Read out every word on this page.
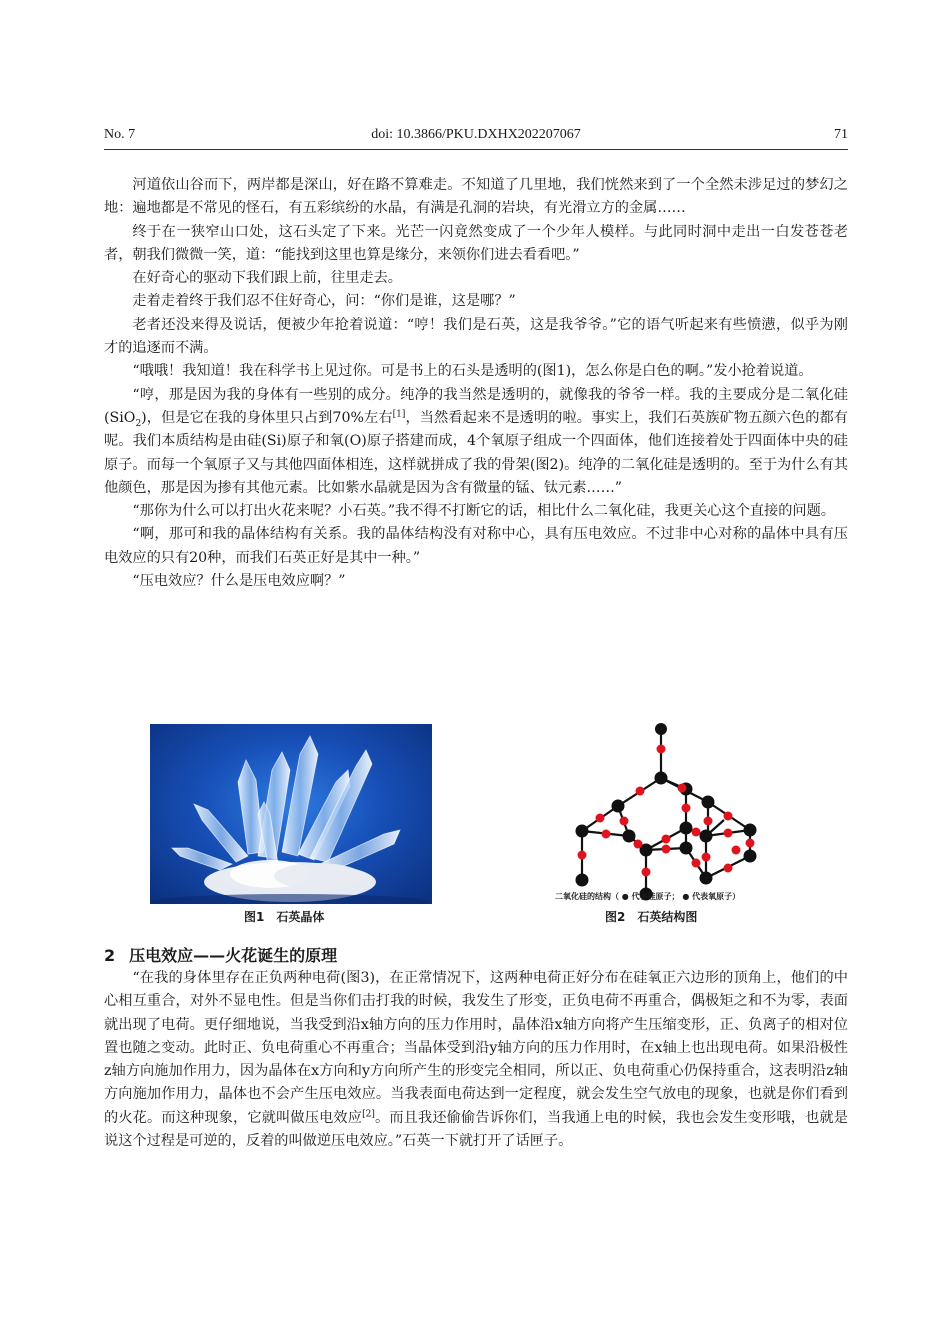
No. 7	doi: 10.3866/PKU.DXHX202207067	71

河道依山谷而下，两岸都是深山，好在路不算难走。不知道了几里地，我们恍然来到了一个全然未涉足过的梦幻之地：遍地都是不常见的怪石，有五彩缤纷的水晶，有满是孔洞的岩块，有光滑立方的金属……

终于在一狭窄山口处，这石头定了下来。光芒一闪竟然变成了一个少年人模样。与此同时洞中走出一白发苍苍老者，朝我们微微一笑，道：“能找到这里也算是缘分，来领你们进去看看吧。”

在好奇心的驱动下我们跟上前，往里走去。

走着走着终于我们忍不住好奇心，问：“你们是谁，这是哪？”

老者还没来得及说话，便被少年抢着说道：“哼！我们是石英，这是我爷爷。”它的语气听起来有些愤懑，似乎为刚才的追逐而不满。

“哦哦！我知道！我在科学书上见过你。可是书上的石头是透明的(图1)，怎么你是白色的啊。”发小抢着说道。

“哼，那是因为我的身体有一些别的成分。纯净的我当然是透明的，就像我的爷爷一样。我的主要成分是二氧化硅(SiO$_2$)，但是它在我的身体里只占到70%左右[1]，当然看起来不是透明的啦。事实上，我们石英族矿物五颜六色的都有呢。我们本质结构是由硅(Si)原子和氧(O)原子搭建而成，4个氧原子组成一个四面体，他们连接着处于四面体中央的硅原子。而每一个氧原子又与其他四面体相连，这样就拼成了我的骨架(图2)。纯净的二氧化硅是透明的。至于为什么有其他颜色，那是因为掺有其他元素。比如紫水晶就是因为含有微量的锰、钛元素……”

“那你为什么可以打出火花来呢？小石英。”我不得不打断它的话，相比什么二氧化硅，我更关心这个直接的问题。

“啊，那可和我的晶体结构有关系。我的晶体结构没有对称中心，具有压电效应。不过非中心对称的晶体中具有压电效应的只有20种，而我们石英正好是其中一种。”

“压电效应？什么是压电效应啊？”

图1　石英晶体
二氧化硅的结构（ ● 代表硅原子； ● 代表氧原子）
图2　石英结构图
2 压电效应——火花诞生的原理

“在我的身体里存在正负两种电荷(图3)，在正常情况下，这两种电荷正好分布在硅氧正六边形的顶角上，他们的中心相互重合，对外不显电性。但是当你们击打我的时候，我发生了形变，正负电荷不再重合，偶极矩之和不为零，表面就出现了电荷。更仔细地说，当我受到沿x轴方向的压力作用时，晶体沿x轴方向将产生压缩变形，正、负离子的相对位置也随之变动。此时正、负电荷重心不再重合；当晶体受到沿y轴方向的压力作用时，在x轴上也出现电荷。如果沿极性z轴方向施加作用力，因为晶体在x方向和y方向所产生的形变完全相同，所以正、负电荷重心仍保持重合，这表明沿z轴方向施加作用力，晶体也不会产生压电效应。当我表面电荷达到一定程度，就会发生空气放电的现象，也就是你们看到的火花。而这种现象，它就叫做压电效应[2]。而且我还偷偷告诉你们，当我通上电的时候，我也会发生变形哦，也就是说这个过程是可逆的，反着的叫做逆压电效应。”石英一下就打开了话匣子。
